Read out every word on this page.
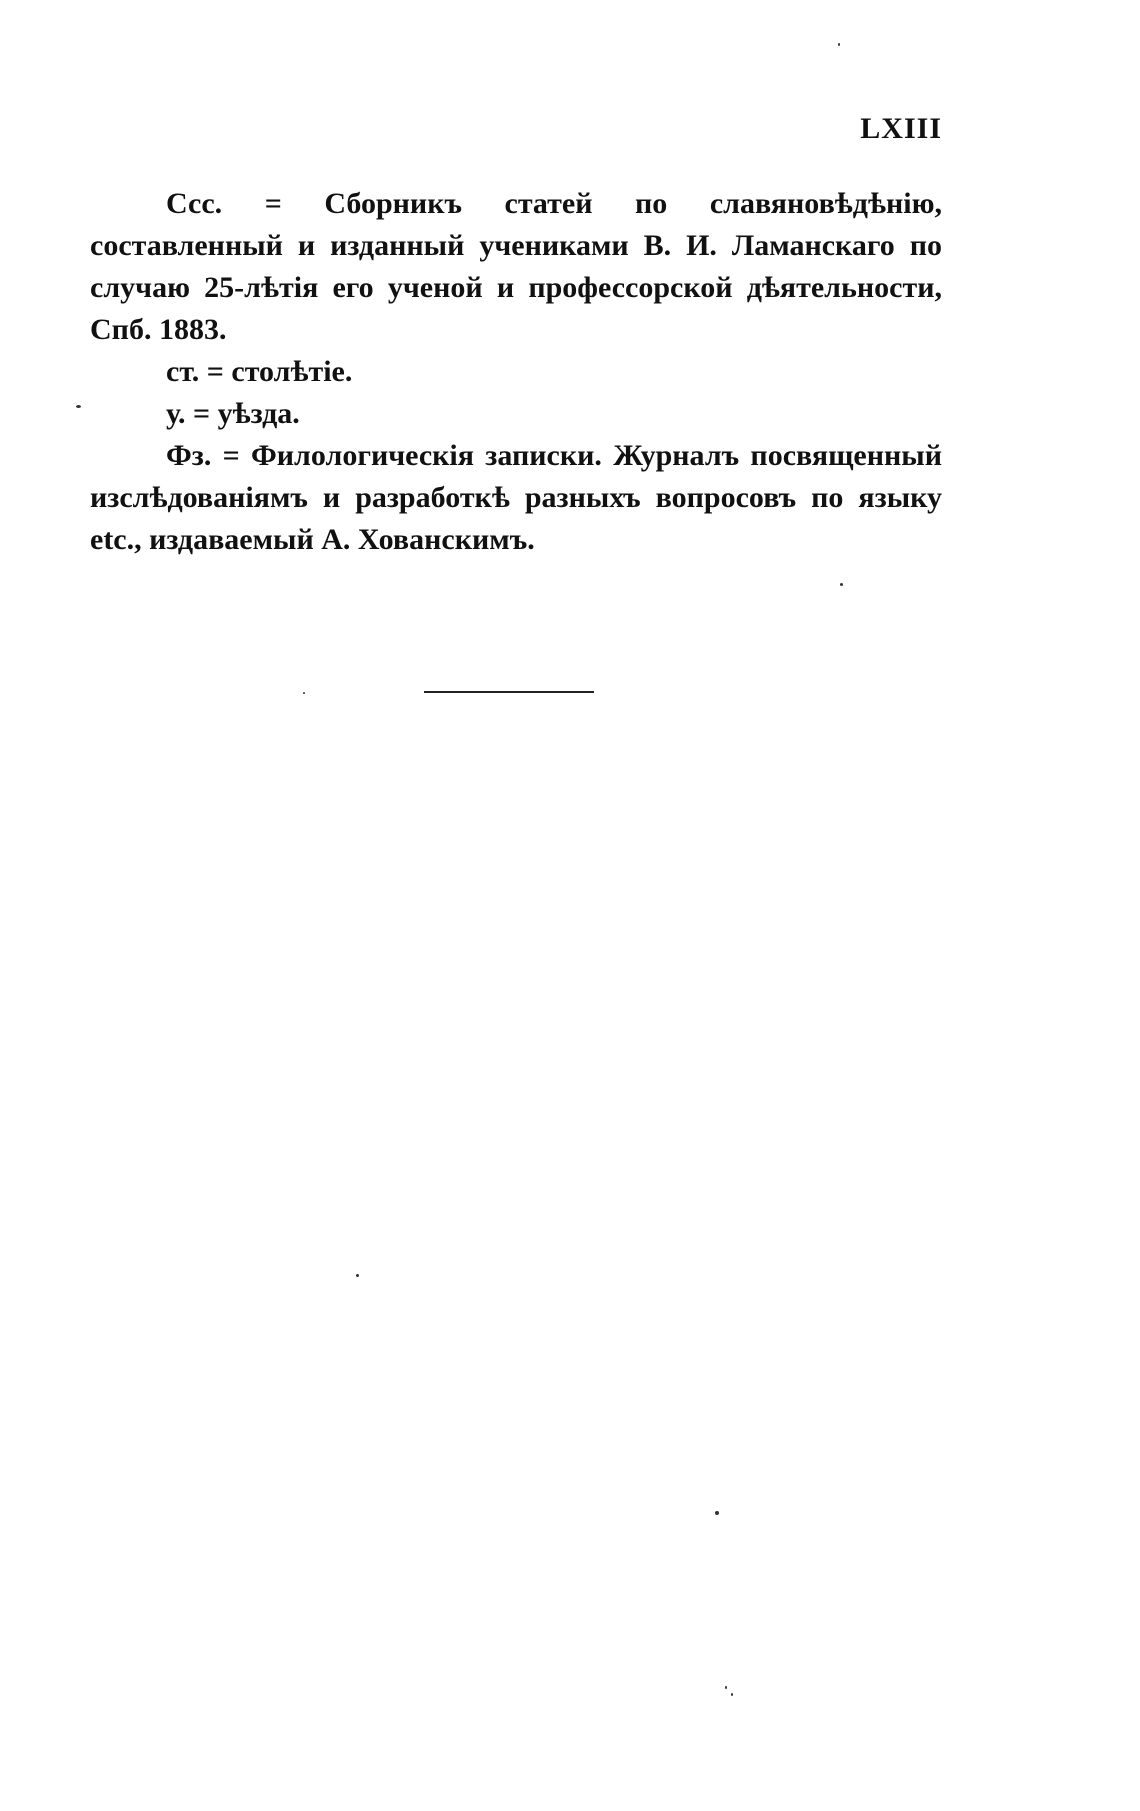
LXIII

Ссс. = Сборникъ статей по славяновѣдѣнію, составленный и изданный учениками В. И. Ламанскаго по случаю 25-лѣтія его ученой и профессорской дѣятельности, Спб. 1883.

ст. = столѣтіе.

у. = уѣзда.

Фз. = Филологическія записки. Журналъ посвященный изслѣдованіямъ и разработкѣ разныхъ вопросовъ по языку etc., издаваемый А. Хованскимъ.
